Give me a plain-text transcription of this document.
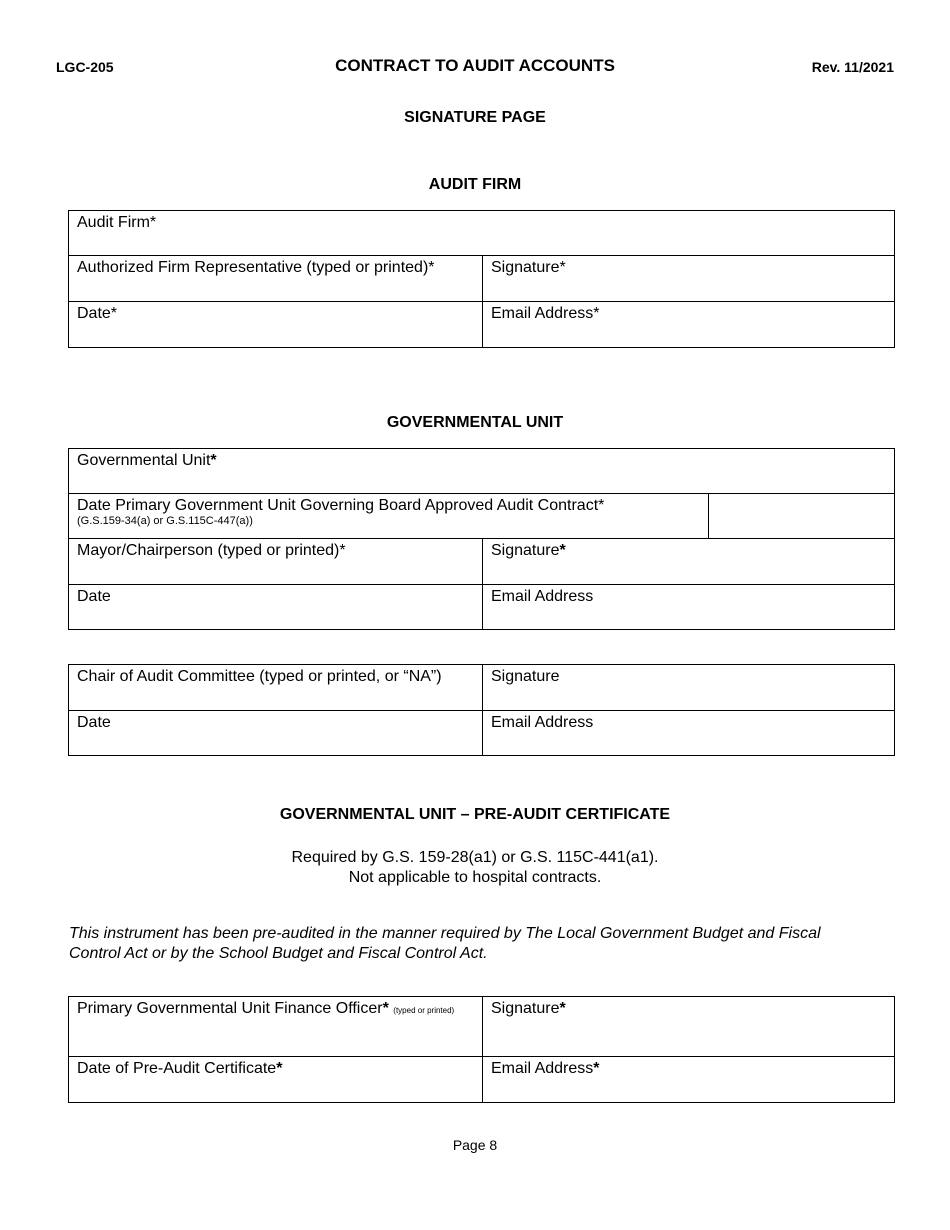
LGC-205	CONTRACT TO AUDIT ACCOUNTS	Rev. 11/2021
SIGNATURE PAGE
AUDIT FIRM
Audit Firm*	
Authorized Firm Representative (typed or printed)*	Signature*
Date*	Email Address*
GOVERNMENTAL UNIT
Governmental Unit*		
Date Primary Government Unit Governing Board Approved Audit Contract*
(G.S.159-34(a) or G.S.115C-447(a))		

Mayor/Chairperson (typed or printed)*	Signature*	
Date	Email Address	
Chair of Audit Committee (typed or printed, or “NA”)	Signature
Date	Email Address
GOVERNMENTAL UNIT – PRE-AUDIT CERTIFICATE
Required by G.S. 159-28(a1) or G.S. 115C-441(a1).
Not applicable to hospital contracts.
This instrument has been pre-audited in the manner required by The Local Government Budget and Fiscal
Control Act or by the School Budget and Fiscal Control Act.
Primary Governmental Unit Finance Officer* (typed or printed)	Signature*
Date of Pre-Audit Certificate*	Email Address*
Page 8
